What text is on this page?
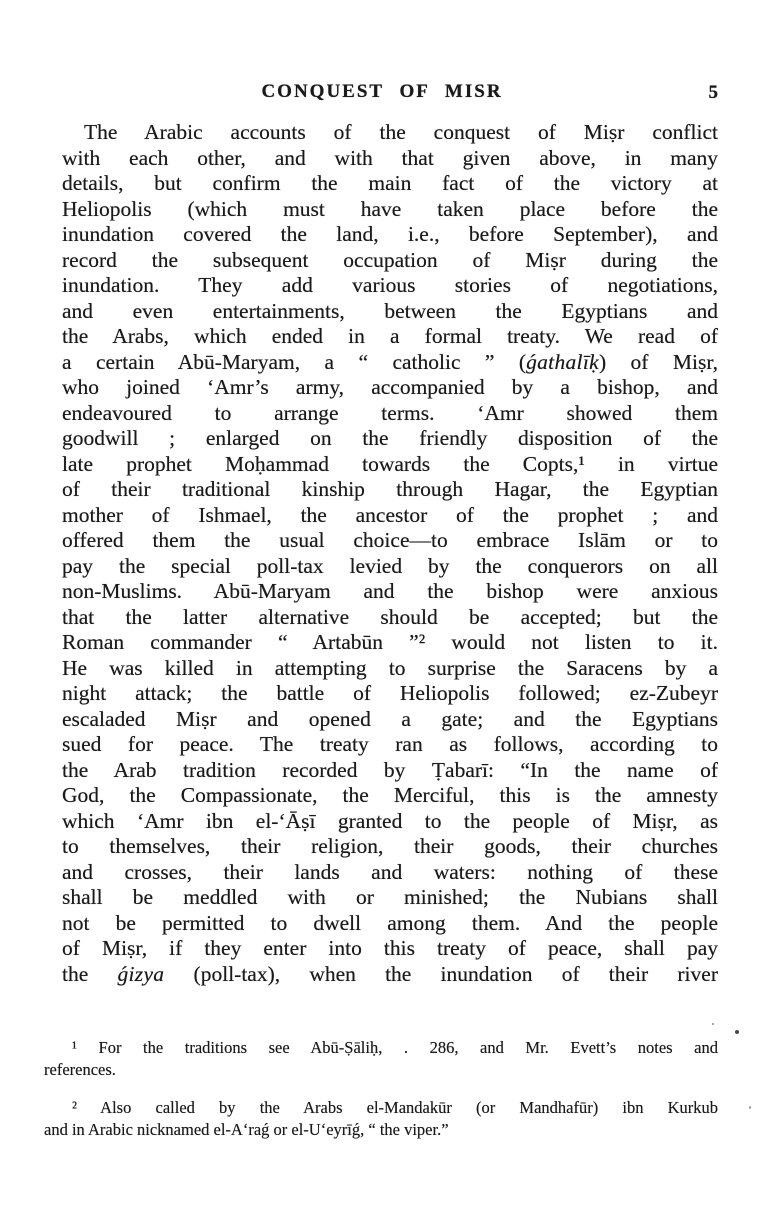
CONQUEST OF MISR	5
The Arabic accounts of the conquest of Miṣr conflict
with each other, and with that given above, in many
details, but confirm the main fact of the victory at
Heliopolis (which must have taken place before the
inundation covered the land, i.e., before September), and
record the subsequent occupation of Miṣr during the
inundation. They add various stories of negotiations,
and even entertainments, between the Egyptians and
the Arabs, which ended in a formal treaty. We read of
a certain Abū-Maryam, a “ catholic ” (ǵathalīḳ) of Miṣr,
who joined ‘Amr’s army, accompanied by a bishop, and
endeavoured to arrange terms. ‘Amr showed them
goodwill ; enlarged on the friendly disposition of the
late prophet Moḥammad towards the Copts,¹ in virtue
of their traditional kinship through Hagar, the Egyptian
mother of Ishmael, the ancestor of the prophet ; and
offered them the usual choice—to embrace Islām or to
pay the special poll-tax levied by the conquerors on all
non-Muslims. Abū-Maryam and the bishop were anxious
that the latter alternative should be accepted; but the
Roman commander “ Artabūn ”² would not listen to it.
He was killed in attempting to surprise the Saracens by a
night attack; the battle of Heliopolis followed; ez-Zubeyr
escaladed Miṣr and opened a gate; and the Egyptians
sued for peace. The treaty ran as follows, according to
the Arab tradition recorded by Ṭabarī: “In the name of
God, the Compassionate, the Merciful, this is the amnesty
which ‘Amr ibn el-‘Āṣī granted to the people of Miṣr, as
to themselves, their religion, their goods, their churches
and crosses, their lands and waters: nothing of these
shall be meddled with or minished; the Nubians shall
not be permitted to dwell among them. And the people
of Miṣr, if they enter into this treaty of peace, shall pay
the ǵizya (poll-tax), when the inundation of their river
¹ For the traditions see Abū-Ṣāliḥ, . 286, and Mr. Evett’s notes and
references.
² Also called by the Arabs el-Mandakūr (or Mandhafūr) ibn Kurkub
and in Arabic nicknamed el-A‘raǵ or el-U‘eyrīǵ, “ the viper.”
